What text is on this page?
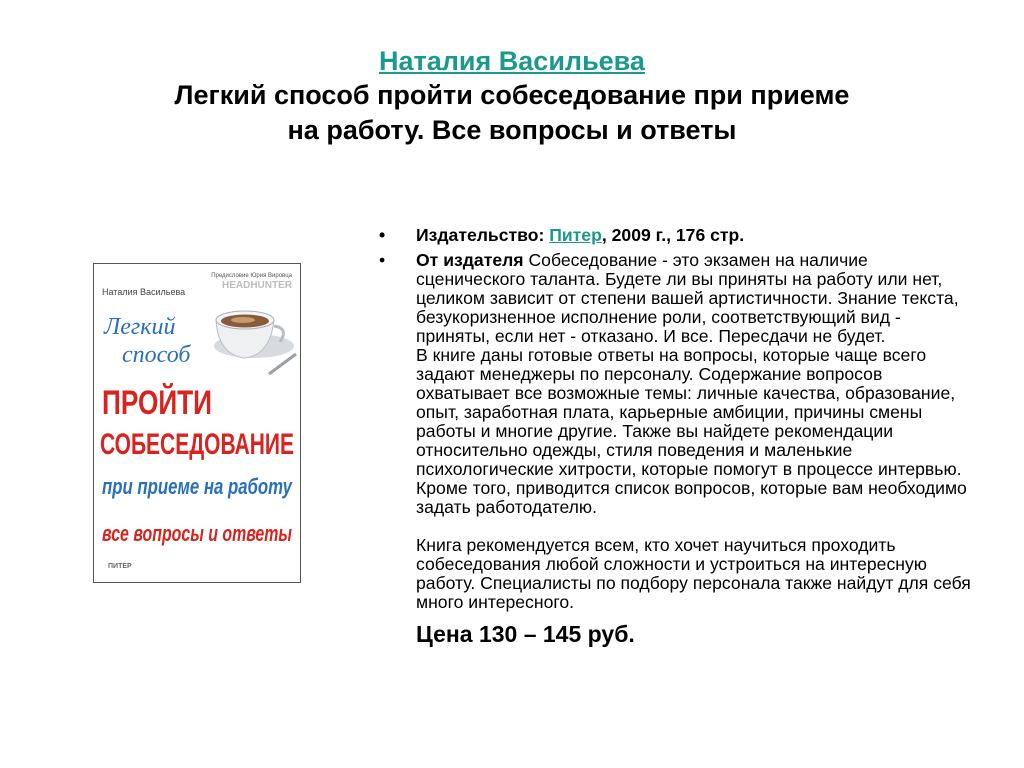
Наталия Васильева
Легкий способ пройти собеседование при приеме
на работу. Все вопросы и ответы
Предисловие Юрия Вировца
HEADHUNTER
Наталия Васильева
Легкий
способ
ПРОЙТИ
СОБЕСЕДОВАНИЕ
при приеме на работу
все вопросы и ответы
ПИТЕР
• Издательство: Питер, 2009 г., 176 стр.
• От издателя Собеседование - это экзамен на наличие сценического таланта. Будете ли вы приняты на работу или нет, целиком зависит от степени вашей артистичности. Знание текста, безукоризненное исполнение роли, соответствующий вид - приняты, если нет - отказано. И все. Пересдачи не будет.
В книге даны готовые ответы на вопросы, которые чаще всего задают менеджеры по персоналу. Содержание вопросов охватывает все возможные темы: личные качества, образование, опыт, заработная плата, карьерные амбиции, причины смены работы и многие другие. Также вы найдете рекомендации относительно одежды, стиля поведения и маленькие психологические хитрости, которые помогут в процессе интервью. Кроме того, приводится список вопросов, которые вам необходимо задать работодателю.
Книга рекомендуется всем, кто хочет научиться проходить собеседования любой сложности и устроиться на интересную работу. Специалисты по подбору персонала также найдут для себя много интересного.
Цена 130 – 145 руб.
